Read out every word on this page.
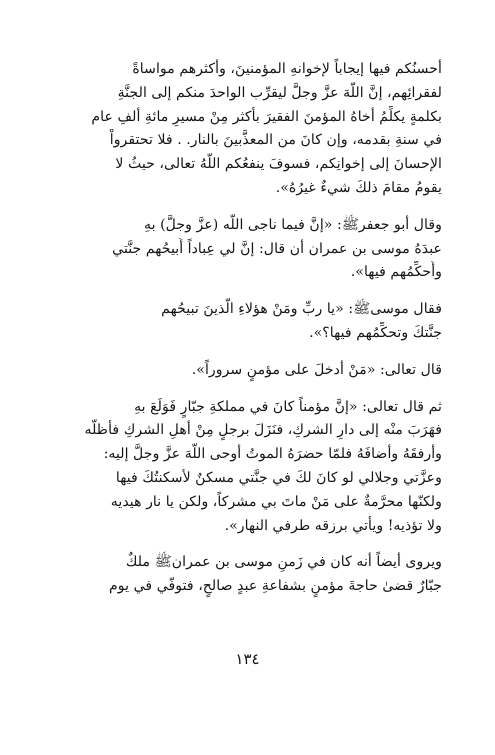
أحسنُكم فيها إيجاباً لإخوانهِ المؤمنينَ، وأكثرهم مواساةً
لفقرائِهم، إنَّ اللَّهَ عزَّ وجلَّ ليقرِّب الواحدَ منكم إلى الجنَّةِ
بكلمةٍ يكلِّمُ أخاهُ المؤمنَ الفقيرَ بأكثر مِنْ مسيرِ مائةِ ألفِ عام
في سنةِ بقدمه، وإن كانَ من المعذَّبينَ بالنار. . فلا تحتقرواْ
الإحسانَ إلى إخوانِكم، فسوفَ ينفعُكم اللَّهُ تعالى، حيثُ لا
يقومُ مقامَ ذلكَ شيءٌ غيرُهُ».

وقال أبو جعفرﷺ: «إنَّ فيما ناجى اللَّه (عزَّ وجلَّ) بهِ
عبدَهُ موسى بن عمران أن قال: إنَّ لي عِباداً أُبيحُهم جنَّتي
وأُحكِّمُهم فيها».

فقال موسىﷺ: «يا ربِّ ومَنْ هؤلاءِ الّذينَ تبيحُهم
جنَّتكَ وتحكِّمُهم فيها؟».

قال تعالى: «مَنْ أدخلَ على مؤمنٍ سروراً».

ثم قال تعالى: «إنَّ مؤمناً كانَ في مملكةِ جبّارٍ فَوَلَعَ بهِ
فهَرَبَ منْه إلى دارِ الشركِ، فنَزَلَ برجلٍ مِنْ أهلِ الشركِ فأظلَّه
وأرفقَهُ وأضافَهُ فلمّا حضرَهُ الموتُ أوحى اللَّهَ عزَّ وجلَّ إليه:
وعزَّتي وجلالي لو كانَ لكَ في جنَّتي مسكنٌ لأسكنتُكَ فيها
ولكنّها محرَّمةٌ على مَنْ ماتَ بي مشركاً، ولكن يا نار هيديه
ولا تؤذيه! ويأتي برزقه طرفي النهار».

ويروى أيضاً أنه كان في زَمنِ موسى بن عمرانﷺ ملكٌ
جبّارٌ قضىٰ حاجةَ مؤمنٍ بشفاعةِ عبدٍ صالحٍ، فتوفّي في يوم

١٣٤
